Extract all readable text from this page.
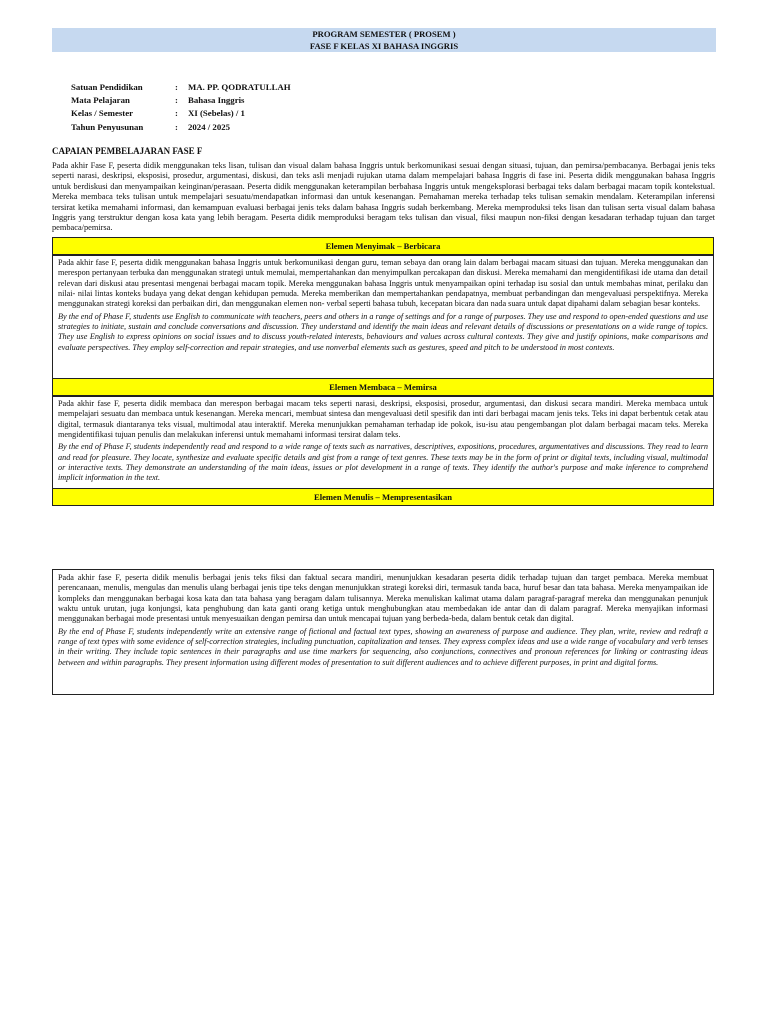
PROGRAM SEMESTER ( PROSEM )
FASE F KELAS XI BAHASA INGGRIS
Satuan Pendidikan	:	MA. PP. QODRATULLAH
Mata Pelajaran	:	Bahasa Inggris
Kelas / Semester	:	XI (Sebelas) / 1
Tahun Penyusunan	:	2024 / 2025
CAPAIAN PEMBELAJARAN FASE F
Pada akhir Fase F, peserta didik menggunakan teks lisan, tulisan dan visual dalam bahasa Inggris untuk berkomunikasi sesuai dengan situasi, tujuan, dan pemirsa/pembacanya. Berbagai jenis teks seperti narasi, deskripsi, eksposisi, prosedur, argumentasi, diskusi, dan teks asli menjadi rujukan utama dalam mempelajari bahasa Inggris di fase ini. Peserta didik menggunakan bahasa Inggris untuk berdiskusi dan menyampaikan keinginan/perasaan. Peserta didik menggunakan keterampilan berbahasa Inggris untuk mengeksplorasi berbagai teks dalam berbagai macam topik kontekstual. Mereka membaca teks tulisan untuk mempelajari sesuatu/mendapatkan informasi dan untuk kesenangan. Pemahaman mereka terhadap teks tulisan semakin mendalam. Keterampilan inferensi tersirat ketika memahami informasi, dan kemampuan evaluasi berbagai jenis teks dalam bahasa Inggris sudah berkembang. Mereka memproduksi teks lisan dan tulisan serta visual dalam bahasa Inggris yang terstruktur dengan kosa kata yang lebih beragam. Peserta didik memproduksi beragam teks tulisan dan visual, fiksi maupun non-fiksi dengan kesadaran terhadap tujuan dan target pembaca/pemirsa.
Elemen Menyimak – Berbicara

Pada akhir fase F, peserta didik menggunakan bahasa Inggris untuk berkomunikasi dengan guru, teman sebaya dan orang lain dalam berbagai macam situasi dan tujuan. Mereka menggunakan dan merespon pertanyaan terbuka dan menggunakan strategi untuk memulai, mempertahankan dan menyimpulkan percakapan dan diskusi. Mereka memahami dan mengidentifikasi ide utama dan detail relevan dari diskusi atau presentasi mengenai berbagai macam topik. Mereka menggunakan bahasa Inggris untuk menyampaikan opini terhadap isu sosial dan untuk membahas minat, perilaku dan nilai- nilai lintas konteks budaya yang dekat dengan kehidupan pemuda. Mereka memberikan dan mempertahankan pendapatnya, membuat perbandingan dan mengevaluasi perspektifnya. Mereka menggunakan strategi koreksi dan perbaikan diri, dan menggunakan elemen non- verbal seperti bahasa tubuh, kecepatan bicara dan nada suara untuk dapat dipahami dalam sebagian besar konteks.

By the end of Phase F, students use English to communicate with teachers, peers and others in a range of settings and for a range of purposes. They use and respond to open-ended questions and use strategies to initiate, sustain and conclude conversations and discussion. They understand and identify the main ideas and relevant details of discussions or presentations on a wide range of topics. They use English to express opinions on social issues and to discuss youth-related interests, behaviours and values across cultural contexts. They give and justify opinions, make comparisons and evaluate perspectives. They employ self-correction and repair strategies, and use nonverbal elements such as gestures, speed and pitch to be understood in most contexts.

Elemen Membaca – Memirsa

Pada akhir fase F, peserta didik membaca dan merespon berbagai macam teks seperti narasi, deskripsi, eksposisi, prosedur, argumentasi, dan diskusi secara mandiri. Mereka membaca untuk mempelajari sesuatu dan membaca untuk kesenangan. Mereka mencari, membuat sintesa dan mengevaluasi detil spesifik dan inti dari berbagai macam jenis teks. Teks ini dapat berbentuk cetak atau digital, termasuk diantaranya teks visual, multimodal atau interaktif. Mereka menunjukkan pemahaman terhadap ide pokok, isu-isu atau pengembangan plot dalam berbagai macam teks. Mereka mengidentifikasi tujuan penulis dan melakukan inferensi untuk memahami informasi tersirat dalam teks.

By the end of Phase F, students independently read and respond to a wide range of texts such as narratives, descriptives, expositions, procedures, argumentatives and discussions. They read to learn and read for pleasure. They locate, synthesize and evaluate specific details and gist from a range of text genres. These texts may be in the form of print or digital texts, including visual, multimodal or interactive texts. They demonstrate an understanding of the main ideas, issues or plot development in a range of texts. They identify the author's purpose and make inference to comprehend implicit information in the text.

Elemen Menulis – Mempresentasikan

Pada akhir fase F, peserta didik menulis berbagai jenis teks fiksi dan faktual secara mandiri, menunjukkan kesadaran peserta didik terhadap tujuan dan target pembaca. Mereka membuat perencanaan, menulis, mengulas dan menulis ulang berbagai jenis tipe teks dengan menunjukkan strategi koreksi diri, termasuk tanda baca, huruf besar dan tata bahasa. Mereka menyampaikan ide kompleks dan menggunakan berbagai kosa kata dan tata bahasa yang beragam dalam tulisannya. Mereka menuliskan kalimat utama dalam paragraf-paragraf mereka dan menggunakan penunjuk waktu untuk urutan, juga konjungsi, kata penghubung dan kata ganti orang ketiga untuk menghubungkan atau membedakan ide antar dan di dalam paragraf. Mereka menyajikan informasi menggunakan berbagai mode presentasi untuk menyesuaikan dengan pemirsa dan untuk mencapai tujuan yang berbeda-beda, dalam bentuk cetak dan digital.

By the end of Phase F, students independently write an extensive range of fictional and factual text types, showing an awareness of purpose and audience. They plan, write, review and redraft a range of text types with some evidence of self-correction strategies, including punctuation, capitalization and tenses. They express complex ideas and use a wide range of vocabulary and verb tenses in their writing. They include topic sentences in their paragraphs and use time markers for sequencing, also conjunctions, connectives and pronoun references for linking or contrasting ideas between and within paragraphs. They present information using different modes of presentation to suit different audiences and to achieve different purposes, in print and digital forms.
